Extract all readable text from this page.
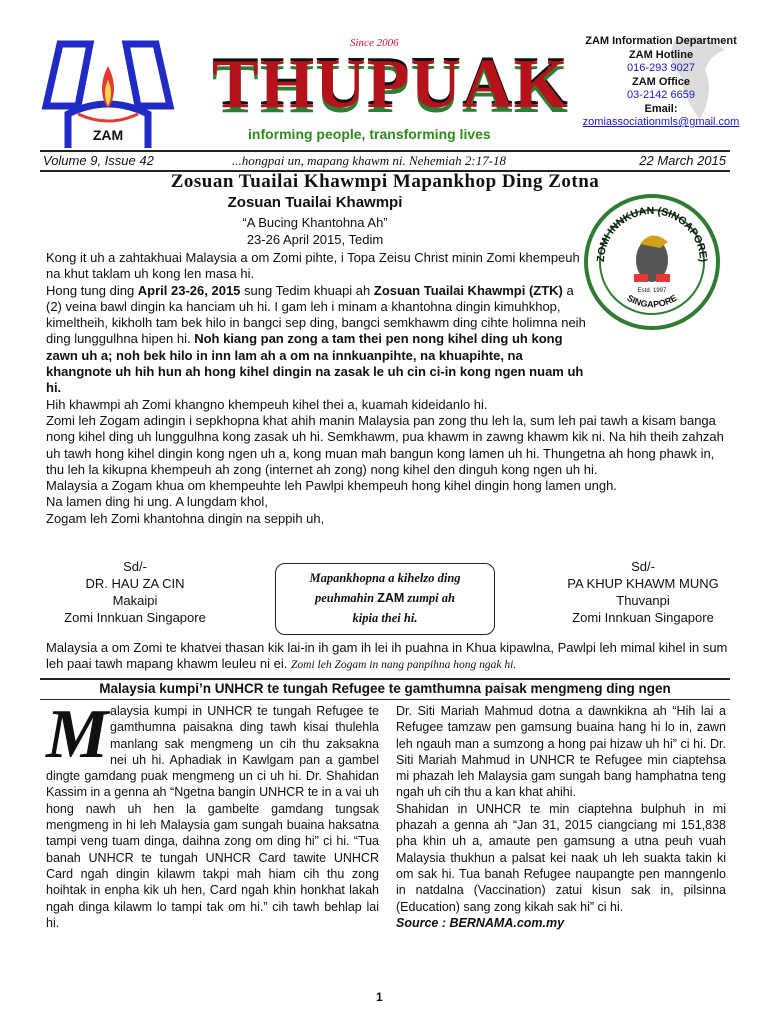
ZAM
Since 2006
THUPUAK
informing people, transforming lives
ZAM Information Department
ZAM Hotline
016-293 9027
ZAM Office
03-2142 6659
Email:
zomiassociationmls@gmail.com
Volume 9, Issue 42	...hongpai un, mapang khawm ni. Nehemiah 2:17-18	22 March 2015
Zosuan Tuailai Khawmpi Mapankhop Ding Zotna
ZOMI INNKUAN (SINGAPORE)
SINGAPORE
Estd. 1997
Zosuan Tuailai Khawmpi
“A Bucing Khantohna Ah”
23-26 April 2015, Tedim

Kong it uh a zahtakhuai Malaysia a om Zomi pihte, i Topa Zeisu Christ minin Zomi khempeuh na khut taklam uh kong len masa hi.

Hong tung ding April 23-26, 2015 sung Tedim khuapi ah Zosuan Tuailai Khawmpi (ZTK) a (2) veina bawl dingin ka hanciam uh hi. I gam leh i minam a khantohna dingin kimuhkhop, kimeltheih, kikholh tam bek hilo in bangci sep ding, bangci semkhawm ding cihte holimna neih ding lunggulhna hipen hi. Noh kiang pan zong a tam thei pen nong kihel ding uh kong zawn uh a; noh bek hilo in inn lam ah a om na innkuanpihte, na khuapihte, na khangnote uh hih hun ah hong kihel dingin na zasak le uh cin ci-in kong ngen nuam uh hi.

Hih khawmpi ah Zomi khangno khempeuh kihel thei a, kuamah kideidanlo hi.

Zomi leh Zogam adingin i sepkhopna khat ahih manin Malaysia pan zong thu leh la, sum leh pai tawh a kisam banga nong kihel ding uh lunggulhna kong zasak uh hi. Semkhawm, pua khawm in zawng khawm kik ni. Na hih theih zahzah uh tawh hong kihel dingin kong ngen uh a, kong muan mah bangun kong lamen uh hi. Thungetna ah hong phawk in, thu leh la kikupna khempeuh ah zong (internet ah zong) nong kihel den dinguh kong ngen uh hi.

Malaysia a Zogam khua om khempeuhte leh Pawlpi khempeuh hong kihel dingin hong lamen ungh.

Na lamen ding hi ung. A lungdam khol,

Zogam leh Zomi khantohna dingin na seppih uh,

Sd/-
DR. HAU ZA CIN
Makaipi
Zomi Innkuan Singapore
Mapankhopna a kihelzo ding
peuhmahin ZAM zumpi ah
kipia thei hi.
Sd/-
PA KHUP KHAWM MUNG
Thuvanpi
Zomi Innkuan Singapore
Malaysia a om Zomi te khatvei thasan kik lai-in ih gam ih lei ih puahna in Khua kipawlna, Pawlpi leh mimal kihel in sum leh paai tawh mapang khawm leuleu ni ei. Zomi leh Zogam in nang panpihna hong ngak hi.
Malaysia kumpi’n UNHCR te tungah Refugee te gamthumna paisak mengmeng ding ngen
M alaysia kumpi in UNHCR te tungah Refugee te gamthumna paisakna ding tawh kisai thulehla manlang sak mengmeng un cih thu zaksakna nei uh hi. Aphadiak in Kawlgam pan a gambel dingte gamdang puak mengmeng un ci uh hi. Dr. Shahidan Kassim in a genna ah “Ngetna bangin UNHCR te in a vai uh hong nawh uh hen la gambelte gamdang tungsak mengmeng in hi leh Malaysia gam sungah buaina haksatna tampi veng tuam dinga, daihna zong om ding hi” ci hi. “Tua banah UNHCR te tungah UNHCR Card tawite UNHCR Card ngah dingin kilawm takpi mah hiam cih thu zong hoihtak in enpha kik uh hen, Card ngah khin honkhat lakah ngah dinga kilawm lo tampi tak om hi.” cih tawh behlap lai hi.

Dr. Siti Mariah Mahmud dotna a dawnkikna ah “Hih lai a Refugee tamzaw pen gamsung buaina hang hi lo in, zawn leh ngauh man a sumzong a hong pai hizaw uh hi” ci hi. Dr. Siti Mariah Mahmud in UNHCR te Refugee min ciaptehsa mi phazah leh Malaysia gam sungah bang hamphatna teng ngah uh cih thu a kan khat ahihi.

Shahidan in UNHCR te min ciaptehna bulphuh in mi phazah a genna ah “Jan 31, 2015 ciangciang mi 151,838 pha khin uh a, amaute pen gamsung a utna peuh vuah Malaysia thukhun a palsat kei naak uh leh suakta takin ki om sak hi. Tua banah Refugee naupangte pen manngenlo in natdalna (Vaccination) zatui kisun sak in, pilsinna (Education) sang zong kikah sak hi” ci hi.

Source : BERNAMA.com.my

1
